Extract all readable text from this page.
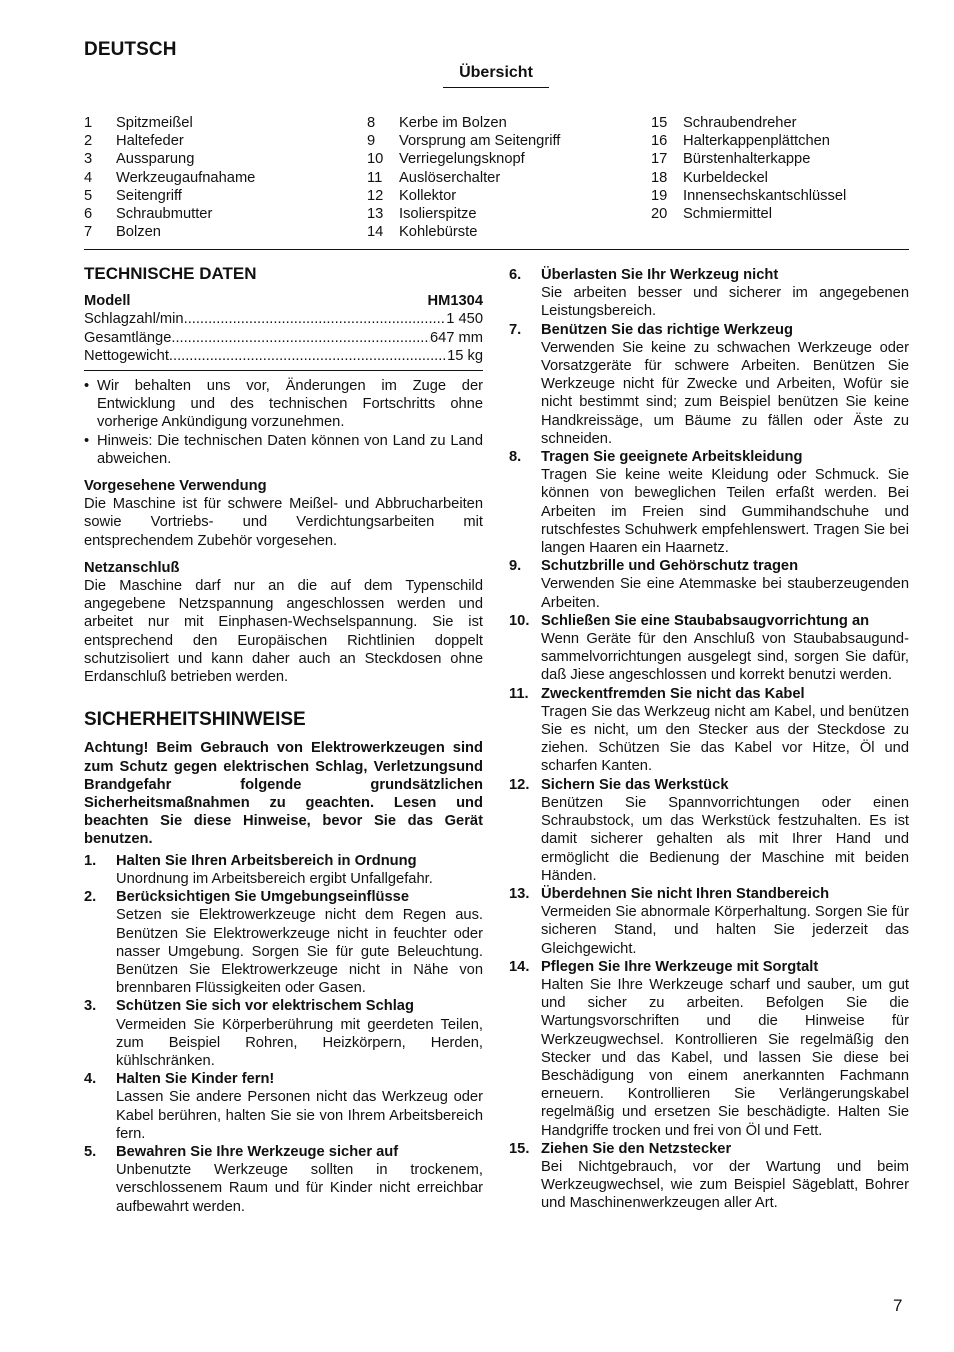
DEUTSCH
Übersicht
1	Spitzmeißel
2	Haltefeder
3	Aussparung
4	Werkzeugaufnahame
5	Seitengriff
6	Schraubmutter
7	Bolzen
8	Kerbe im Bolzen
9	Vorsprung am Seitengriff
10	Verriegelungsknopf
11	Auslöserchalter
12	Kollektor
13	Isolierspitze
14	Kohlebürste
15	Schraubendreher
16	Halterkappenplättchen
17	Bürstenhalterkappe
18	Kurbeldeckel
19	Innensechskantschlüssel
20	Schmiermittel
TECHNISCHE DATEN
Modell	HM1304
Schlagzahl/min. .....	1 450
Gesamtlänge .....	647 mm
Nettogewicht .....	15 kg
• Wir behalten uns vor, Änderungen im Zuge der Entwicklung und des technischen Fortschritts ohne vorherige Ankündigung vorzunehmen.
• Hinweis: Die technischen Daten können von Land zu Land abweichen.
Vorgesehene Verwendung
Die Maschine ist für schwere Meißel- und Abbrucharbeiten sowie Vortriebs- und Verdichtungsarbeiten mit entsprechendem Zubehör vorgesehen.
Netzanschluß
Die Maschine darf nur an die auf dem Typenschild angegebene Netzspannung angeschlossen werden und arbeitet nur mit Einphasen-Wechselspannung. Sie ist entsprechend den Europäischen Richtlinien doppelt schutzisoliert und kann daher auch an Steckdosen ohne Erdanschluß betrieben werden.
SICHERHEITSHINWEISE
Achtung! Beim Gebrauch von Elektrowerkzeugen sind zum Schutz gegen elektrischen Schlag, Verletzungsund Brandgefahr folgende grundsätzlichen Sicherheitsmaßnahmen zu geachten. Lesen und beachten Sie diese Hinweise, bevor Sie das Gerät benutzen.
1.	Halten Sie Ihren Arbeitsbereich in Ordnung
Unordnung im Arbeitsbereich ergibt Unfallgefahr.
2.	Berücksichtigen Sie Umgebungseinflüsse
Setzen sie Elektrowerkzeuge nicht dem Regen aus. Benützen Sie Elektrowerkzeuge nicht in feuchter oder nasser Umgebung. Sorgen Sie für gute Beleuchtung. Benützen Sie Elektrowerkzeuge nicht in Nähe von brennbaren Flüssigkeiten oder Gasen.
3.	Schützen Sie sich vor elektrischem Schlag
Vermeiden Sie Körperberührung mit geerdeten Teilen, zum Beispiel Rohren, Heizkörpern, Herden, kühlschränken.
4.	Halten Sie Kinder fern!
Lassen Sie andere Personen nicht das Werkzeug oder Kabel berühren, halten Sie sie von Ihrem Arbeitsbereich fern.
5.	Bewahren Sie Ihre Werkzeuge sicher auf
Unbenutzte Werkzeuge sollten in trockenem, verschlossenem Raum und für Kinder nicht erreichbar aufbewahrt werden.
6.	Überlasten Sie Ihr Werkzeug nicht
Sie arbeiten besser und sicherer im angegebenen Leistungsbereich.
7.	Benützen Sie das richtige Werkzeug
Verwenden Sie keine zu schwachen Werkzeuge oder Vorsatzgeräte für schwere Arbeiten. Benützen Sie Werkzeuge nicht für Zwecke und Arbeiten, Wofür sie nicht bestimmt sind; zum Beispiel benützen Sie keine Handkreissäge, um Bäume zu fällen oder Äste zu schneiden.
8.	Tragen Sie geeignete Arbeitskleidung
Tragen Sie keine weite Kleidung oder Schmuck. Sie können von beweglichen Teilen erfaßt werden. Bei Arbeiten im Freien sind Gummihandschuhe und rutschfestes Schuhwerk empfehlenswert. Tragen Sie bei langen Haaren ein Haarnetz.
9.	Schutzbrille und Gehörschutz tragen
Verwenden Sie eine Atemmaske bei stauberzeugenden Arbeiten.
10. Schließen Sie eine Staubabsaugvorrichtung an
Wenn Geräte für den Anschluß von Staubabsaugund-sammelvorrichtungen ausgelegt sind, sorgen Sie dafür, daß Jiese angeschlossen und korrekt benutzi werden.
11. Zweckentfremden Sie nicht das Kabel
Tragen Sie das Werkzeug nicht am Kabel, und benützen Sie es nicht, um den Stecker aus der Steckdose zu ziehen. Schützen Sie das Kabel vor Hitze, Öl und scharfen Kanten.
12. Sichern Sie das Werkstück
Benützen Sie Spannvorrichtungen oder einen Schraubstock, um das Werkstück festzuhalten. Es ist damit sicherer gehalten als mit Ihrer Hand und ermöglicht die Bedienung der Maschine mit beiden Händen.
13. Überdehnen Sie nicht Ihren Standbereich
Vermeiden Sie abnormale Körperhaltung. Sorgen Sie für sicheren Stand, und halten Sie jederzeit das Gleichgewicht.
14. Pflegen Sie Ihre Werkzeuge mit Sorgtalt
Halten Sie Ihre Werkzeuge scharf und sauber, um gut und sicher zu arbeiten. Befolgen Sie die Wartungsvorschriften und die Hinweise für Werkzeugwechsel. Kontrollieren Sie regelmäßig den Stecker und das Kabel, und lassen Sie diese bei Beschädigung von einem anerkannten Fachmann erneuern. Kontrollieren Sie Verlängerungskabel regelmäßig und ersetzen Sie beschädigte. Halten Sie Handgriffe trocken und frei von Öl und Fett.
15. Ziehen Sie den Netzstecker
Bei Nichtgebrauch, vor der Wartung und beim Werkzeugwechsel, wie zum Beispiel Sägeblatt, Bohrer und Maschinenwerkzeugen aller Art.
7
